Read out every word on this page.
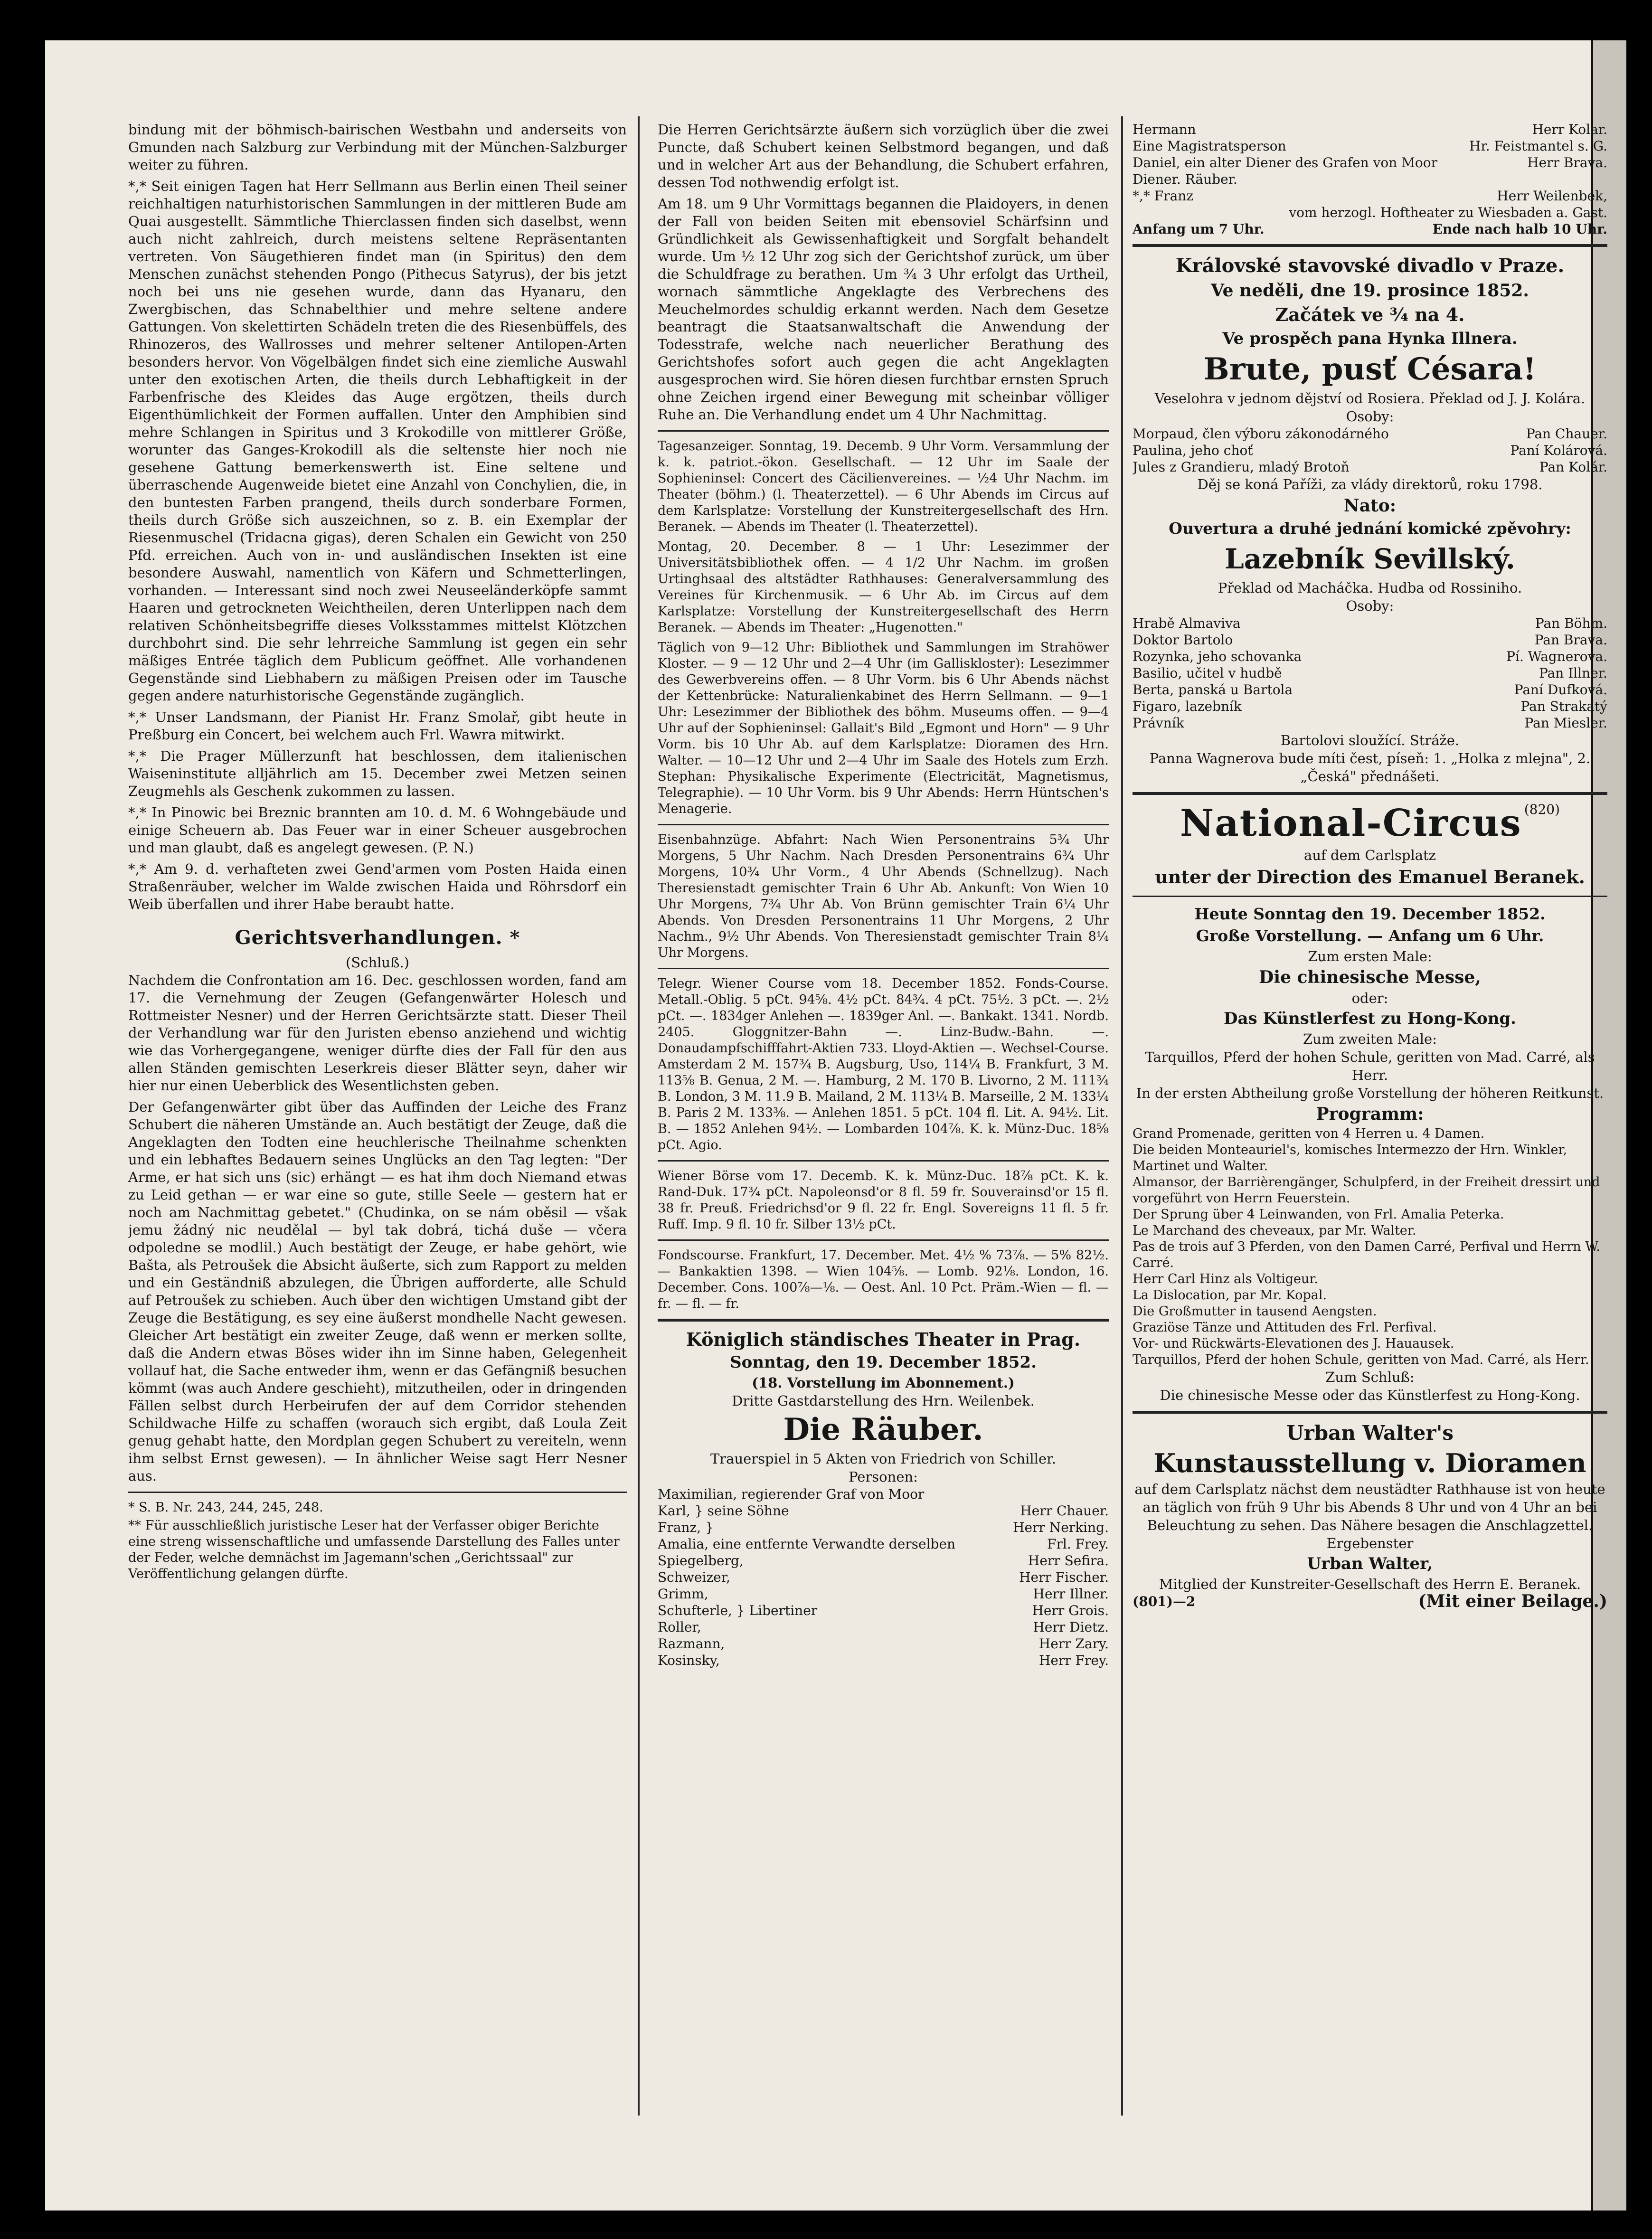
bindung mit der böhmisch-bairischen Westbahn und anderseits von Gmunden nach Salzburg zur Verbindung mit der München-Salzburger weiter zu führen.

*,* Seit einigen Tagen hat Herr Sellmann aus Berlin einen Theil seiner reichhaltigen naturhistorischen Sammlungen in der mittleren Bude am Quai ausgestellt. Sämmtliche Thierclassen finden sich daselbst, wenn auch nicht zahlreich, durch meistens seltene Repräsentanten vertreten. Von Säugethieren findet man (in Spiritus) den dem Menschen zunächst stehenden Pongo (Pithecus Satyrus), der bis jetzt noch bei uns nie gesehen wurde, dann das Hyanaru, den Zwergbischen, das Schnabelthier und mehre seltene andere Gattungen. Von skelettirten Schädeln treten die des Riesenbüffels, des Rhinozeros, des Wallrosses und mehrer seltener Antilopen-Arten besonders hervor. Von Vögelbälgen findet sich eine ziemliche Auswahl unter den exotischen Arten, die theils durch Lebhaftigkeit in der Farbenfrische des Kleides das Auge ergötzen, theils durch Eigenthümlichkeit der Formen auffallen. Unter den Amphibien sind mehre Schlangen in Spiritus und 3 Krokodille von mittlerer Größe, worunter das Ganges-Krokodill als die seltenste hier noch nie gesehene Gattung bemerkenswerth ist. Eine seltene und überraschende Augenweide bietet eine Anzahl von Conchylien, die, in den buntesten Farben prangend, theils durch sonderbare Formen, theils durch Größe sich auszeichnen, so z. B. ein Exemplar der Riesenmuschel (Tridacna gigas), deren Schalen ein Gewicht von 250 Pfd. erreichen. Auch von in- und ausländischen Insekten ist eine besondere Auswahl, namentlich von Käfern und Schmetterlingen, vorhanden. — Interessant sind noch zwei Neuseeländerköpfe sammt Haaren und getrockneten Weichtheilen, deren Unterlippen nach dem relativen Schönheitsbegriffe dieses Volksstammes mittelst Klötzchen durchbohrt sind. Die sehr lehrreiche Sammlung ist gegen ein sehr mäßiges Entrée täglich dem Publicum geöffnet. Alle vorhandenen Gegenstände sind Liebhabern zu mäßigen Preisen oder im Tausche gegen andere naturhistorische Gegenstände zugänglich.

*,* Unser Landsmann, der Pianist Hr. Franz Smolař, gibt heute in Preßburg ein Concert, bei welchem auch Frl. Wawra mitwirkt.

*,* Die Prager Müllerzunft hat beschlossen, dem italienischen Waiseninstitute alljährlich am 15. December zwei Metzen seinen Zeugmehls als Geschenk zukommen zu lassen.

*,* In Pinowic bei Breznic brannten am 10. d. M. 6 Wohngebäude und einige Scheuern ab. Das Feuer war in einer Scheuer ausgebrochen und man glaubt, daß es angelegt gewesen. (P. N.)

*,* Am 9. d. verhafteten zwei Gend'armen vom Posten Haida einen Straßenräuber, welcher im Walde zwischen Haida und Röhrsdorf ein Weib überfallen und ihrer Habe beraubt hatte.

Gerichtsverhandlungen. *
(Schluß.)

Nachdem die Confrontation am 16. Dec. geschlossen worden, fand am 17. die Vernehmung der Zeugen (Gefangenwärter Holesch und Rottmeister Nesner) und der Herren Gerichtsärzte statt. Dieser Theil der Verhandlung war für den Juristen ebenso anziehend und wichtig wie das Vorhergegangene, weniger dürfte dies der Fall für den aus allen Ständen gemischten Leserkreis dieser Blätter seyn, daher wir hier nur einen Ueberblick des Wesentlichsten geben.

Der Gefangenwärter gibt über das Auffinden der Leiche des Franz Schubert die näheren Umstände an. Auch bestätigt der Zeuge, daß die Angeklagten den Todten eine heuchlerische Theilnahme schenkten und ein lebhaftes Bedauern seines Unglücks an den Tag legten: "Der Arme, er hat sich uns (sic) erhängt — es hat ihm doch Niemand etwas zu Leid gethan — er war eine so gute, stille Seele — gestern hat er noch am Nachmittag gebetet." (Chudinka, on se nám oběsil — však jemu žádný nic neudělal — byl tak dobrá, tichá duše — včera odpoledne se modlil.) Auch bestätigt der Zeuge, er habe gehört, wie Bašta, als Petroušek die Absicht äußerte, sich zum Rapport zu melden und ein Geständniß abzulegen, die Übrigen aufforderte, alle Schuld auf Petroušek zu schieben. Auch über den wichtigen Umstand gibt der Zeuge die Bestätigung, es sey eine äußerst mondhelle Nacht gewesen. Gleicher Art bestätigt ein zweiter Zeuge, daß wenn er merken sollte, daß die Andern etwas Böses wider ihn im Sinne haben, Gelegenheit vollauf hat, die Sache entweder ihm, wenn er das Gefängniß besuchen kömmt (was auch Andere geschieht), mitzutheilen, oder in dringenden Fällen selbst durch Herbeirufen der auf dem Corridor stehenden Schildwache Hilfe zu schaffen (worauch sich ergibt, daß Loula Zeit genug gehabt hatte, den Mordplan gegen Schubert zu vereiteln, wenn ihm selbst Ernst gewesen). — In ähnlicher Weise sagt Herr Nesner aus.

* S. B. Nr. 243, 244, 245, 248.
** Für ausschließlich juristische Leser hat der Verfasser obiger Berichte eine streng wissenschaftliche und umfassende Darstellung des Falles unter der Feder, welche demnächst im Jagemann'schen „Gerichtssaal" zur Veröffentlichung gelangen dürfte.

Die Herren Gerichtsärzte äußern sich vorzüglich über die zwei Puncte, daß Schubert keinen Selbstmord begangen, und daß und in welcher Art aus der Behandlung, die Schubert erfahren, dessen Tod nothwendig erfolgt ist.

Am 18. um 9 Uhr Vormittags begannen die Plaidoyers, in denen der Fall von beiden Seiten mit ebensoviel Schärfsinn und Gründlichkeit als Gewissenhaftigkeit und Sorgfalt behandelt wurde. Um ½ 12 Uhr zog sich der Gerichtshof zurück, um über die Schuldfrage zu berathen. Um ¾ 3 Uhr erfolgt das Urtheil, wornach sämmtliche Angeklagte des Verbrechens des Meuchelmordes schuldig erkannt werden. Nach dem Gesetze beantragt die Staatsanwaltschaft die Anwendung der Todesstrafe, welche nach neuerlicher Berathung des Gerichtshofes sofort auch gegen die acht Angeklagten ausgesprochen wird. Sie hören diesen furchtbar ernsten Spruch ohne Zeichen irgend einer Bewegung mit scheinbar völliger Ruhe an. Die Verhandlung endet um 4 Uhr Nachmittag.

Tagesanzeiger. Sonntag, 19. Decemb. 9 Uhr Vorm. Versammlung der k. k. patriot.-ökon. Gesellschaft. — 12 Uhr im Saale der Sophieninsel: Concert des Cäcilienvereines. — ½4 Uhr Nachm. im Theater (böhm.) (l. Theaterzettel). — 6 Uhr Abends im Circus auf dem Karlsplatze: Vorstellung der Kunstreitergesellschaft des Hrn. Beranek. — Abends im Theater (l. Theaterzettel).

Montag, 20. December. 8 — 1 Uhr: Lesezimmer der Universitätsbibliothek offen. — 4 1/2 Uhr Nachm. im großen Urtinghsaal des altstädter Rathhauses: Generalversammlung des Vereines für Kirchenmusik. — 6 Uhr Ab. im Circus auf dem Karlsplatze: Vorstellung der Kunstreitergesellschaft des Herrn Beranek. — Abends im Theater: „Hugenotten."

Täglich von 9—12 Uhr: Bibliothek und Sammlungen im Strahöwer Kloster. — 9 — 12 Uhr und 2—4 Uhr (im Galliskloster): Lesezimmer des Gewerbvereins offen. — 8 Uhr Vorm. bis 6 Uhr Abends nächst der Kettenbrücke: Naturalienkabinet des Herrn Sellmann. — 9—1 Uhr: Lesezimmer der Bibliothek des böhm. Museums offen. — 9—4 Uhr auf der Sophieninsel: Gallait's Bild „Egmont und Horn" — 9 Uhr Vorm. bis 10 Uhr Ab. auf dem Karlsplatze: Dioramen des Hrn. Walter. — 10—12 Uhr und 2—4 Uhr im Saale des Hotels zum Erzh. Stephan: Physikalische Experimente (Electricität, Magnetismus, Telegraphie). — 10 Uhr Vorm. bis 9 Uhr Abends: Herrn Hüntschen's Menagerie.

Eisenbahnzüge. Abfahrt: Nach Wien Personentrains 5¾ Uhr Morgens, 5 Uhr Nachm. Nach Dresden Personentrains 6¾ Uhr Morgens, 10¾ Uhr Vorm., 4 Uhr Abends (Schnellzug). Nach Theresienstadt gemischter Train 6 Uhr Ab. Ankunft: Von Wien 10 Uhr Morgens, 7¾ Uhr Ab. Von Brünn gemischter Train 6¼ Uhr Abends. Von Dresden Personentrains 11 Uhr Morgens, 2 Uhr Nachm., 9½ Uhr Abends. Von Theresienstadt gemischter Train 8¼ Uhr Morgens.

Telegr. Wiener Course vom 18. December 1852. Fonds-Course. Metall.-Oblig. 5 pCt. 94⅝. 4½ pCt. 84¾. 4 pCt. 75½. 3 pCt. —. 2½ pCt. —. 1834ger Anlehen —. 1839ger Anl. —. Bankakt. 1341. Nordb. 2405. Gloggnitzer-Bahn —. Linz-Budw.-Bahn. —. Donaudampfschifffahrt-Aktien 733. Lloyd-Aktien —. Wechsel-Course. Amsterdam 2 M. 157¾ B. Augsburg, Uso, 114¼ B. Frankfurt, 3 M. 113⅝ B. Genua, 2 M. —. Hamburg, 2 M. 170 B. Livorno, 2 M. 111¾ B. London, 3 M. 11.9 B. Mailand, 2 M. 113¼ B. Marseille, 2 M. 133¼ B. Paris 2 M. 133⅜. — Anlehen 1851. 5 pCt. 104 fl. Lit. A. 94½. Lit. B. — 1852 Anlehen 94½. — Lombarden 104⅞. K. k. Münz-Duc. 18⅝ pCt. Agio.

Wiener Börse vom 17. Decemb. K. k. Münz-Duc. 18⅞ pCt. K. k. Rand-Duk. 17¾ pCt. Napoleonsd'or 8 fl. 59 fr. Souverainsd'or 15 fl. 38 fr. Preuß. Friedrichsd'or 9 fl. 22 fr. Engl. Sovereigns 11 fl. 5 fr. Ruff. Imp. 9 fl. 10 fr. Silber 13½ pCt.

Fondscourse. Frankfurt, 17. December. Met. 4½ % 73⅞. — 5% 82½. — Bankaktien 1398. — Wien 104⅝. — Lomb. 92⅛. London, 16. December. Cons. 100⅞—⅛. — Oest. Anl. 10 Pct. Präm.-Wien — fl. — fr. — fl. — fr.

Königlich ständisches Theater in Prag.
Sonntag, den 19. December 1852.
(18. Vorstellung im Abonnement.)
Dritte Gastdarstellung des Hrn. Weilenbek.
Die Räuber.
Trauerspiel in 5 Akten von Friedrich von Schiller.
Personen:
Maximilian, regierender Graf von Moor
Karl, } seine Söhne	Herr Chauer.
Franz, }	Herr Nerking.
Amalia, eine entfernte Verwandte derselben	Frl. Frey.
Spiegelberg,	Herr Sefira.
Schweizer,	Herr Fischer.
Grimm,	Herr Illner.
Schufterle, } Libertiner	Herr Grois.
Roller,	Herr Dietz.
Razmann,	Herr Zary.
Kosinsky,	Herr Frey.
Hermann	Herr Kolar.
Eine Magistratsperson	Hr. Feistmantel s. G.
Daniel, ein alter Diener des Grafen von Moor	Herr Brava.
Diener. Räuber.
*,* Franz	Herr Weilenbek,
vom herzogl. Hoftheater zu Wiesbaden a. Gast.
Anfang um 7 Uhr.	Ende nach halb 10 Uhr.
Královské stavovské divadlo v Praze.
Ve neděli, dne 19. prosince 1852.
Začátek ve ¾ na 4.
Ve prospěch pana Hynka Illnera.
Brute, pusť Césara!
Veselohra v jednom dějství od Rosiera. Překlad od J. J. Kolára.
Osoby:
Morpaud, člen výboru zákonodárného	Pan Chauer.
Paulina, jeho choť	Paní Kolárová.
Jules z Grandieru, mladý Brotoň	Pan Kolár.
Děj se koná Paříži, za vlády direktorů, roku 1798.
Nato:
Ouvertura a druhé jednání komické zpěvohry:
Lazebník Sevillský.
Překlad od Macháčka. Hudba od Rossiniho.
Osoby:
Hrabě Almaviva	Pan Böhm.
Doktor Bartolo	Pan Brava.
Rozynka, jeho schovanka	Pí. Wagnerova.
Basilio, učitel v hudbě	Pan Illner.
Berta, panská u Bartola	Paní Dufková.
Figaro, lazebník	Pan Strakatý
Právník	Pan Miesler.
Bartolovi sloužící. Stráže.
Panna Wagnerova bude míti čest, píseň: 1. „Holka z mlejna", 2. „Česká" přednášeti.
National-Circus (820)
auf dem Carlsplatz
unter der Direction des Emanuel Beranek.
Heute Sonntag den 19. December 1852.
Große Vorstellung. — Anfang um 6 Uhr.
Zum ersten Male:
Die chinesische Messe,
oder:
Das Künstlerfest zu Hong-Kong.
Zum zweiten Male:
Tarquillos, Pferd der hohen Schule, geritten von Mad. Carré, als Herr.
In der ersten Abtheilung große Vorstellung der höheren Reitkunst.
Programm:
Grand Promenade, geritten von 4 Herren u. 4 Damen.
Die beiden Monteauriel's, komisches Intermezzo der Hrn. Winkler, Martinet und Walter.
Almansor, der Barrièrengänger, Schulpferd, in der Freiheit dressirt und vorgeführt von Herrn Feuerstein.
Der Sprung über 4 Leinwanden, von Frl. Amalia Peterka.
Le Marchand des cheveaux, par Mr. Walter.
Pas de trois auf 3 Pferden, von den Damen Carré, Perfival und Herrn W. Carré.
Herr Carl Hinz als Voltigeur.
La Dislocation, par Mr. Kopal.
Die Großmutter in tausend Aengsten.
Graziöse Tänze und Attituden des Frl. Perfival.
Vor- und Rückwärts-Elevationen des J. Hauausek.
Tarquillos, Pferd der hohen Schule, geritten von Mad. Carré, als Herr.
Zum Schluß:
Die chinesische Messe oder das Künstlerfest zu Hong-Kong.
Urban Walter's
Kunstausstellung v. Dioramen
auf dem Carlsplatz nächst dem neustädter Rathhause ist von heute an täglich von früh 9 Uhr bis Abends 8 Uhr und von 4 Uhr an bei Beleuchtung zu sehen. Das Nähere besagen die Anschlagzettel. Ergebenster
Urban Walter,
Mitglied der Kunstreiter-Gesellschaft des Herrn E. Beranek.
(801)—2	(Mit einer Beilage.)
